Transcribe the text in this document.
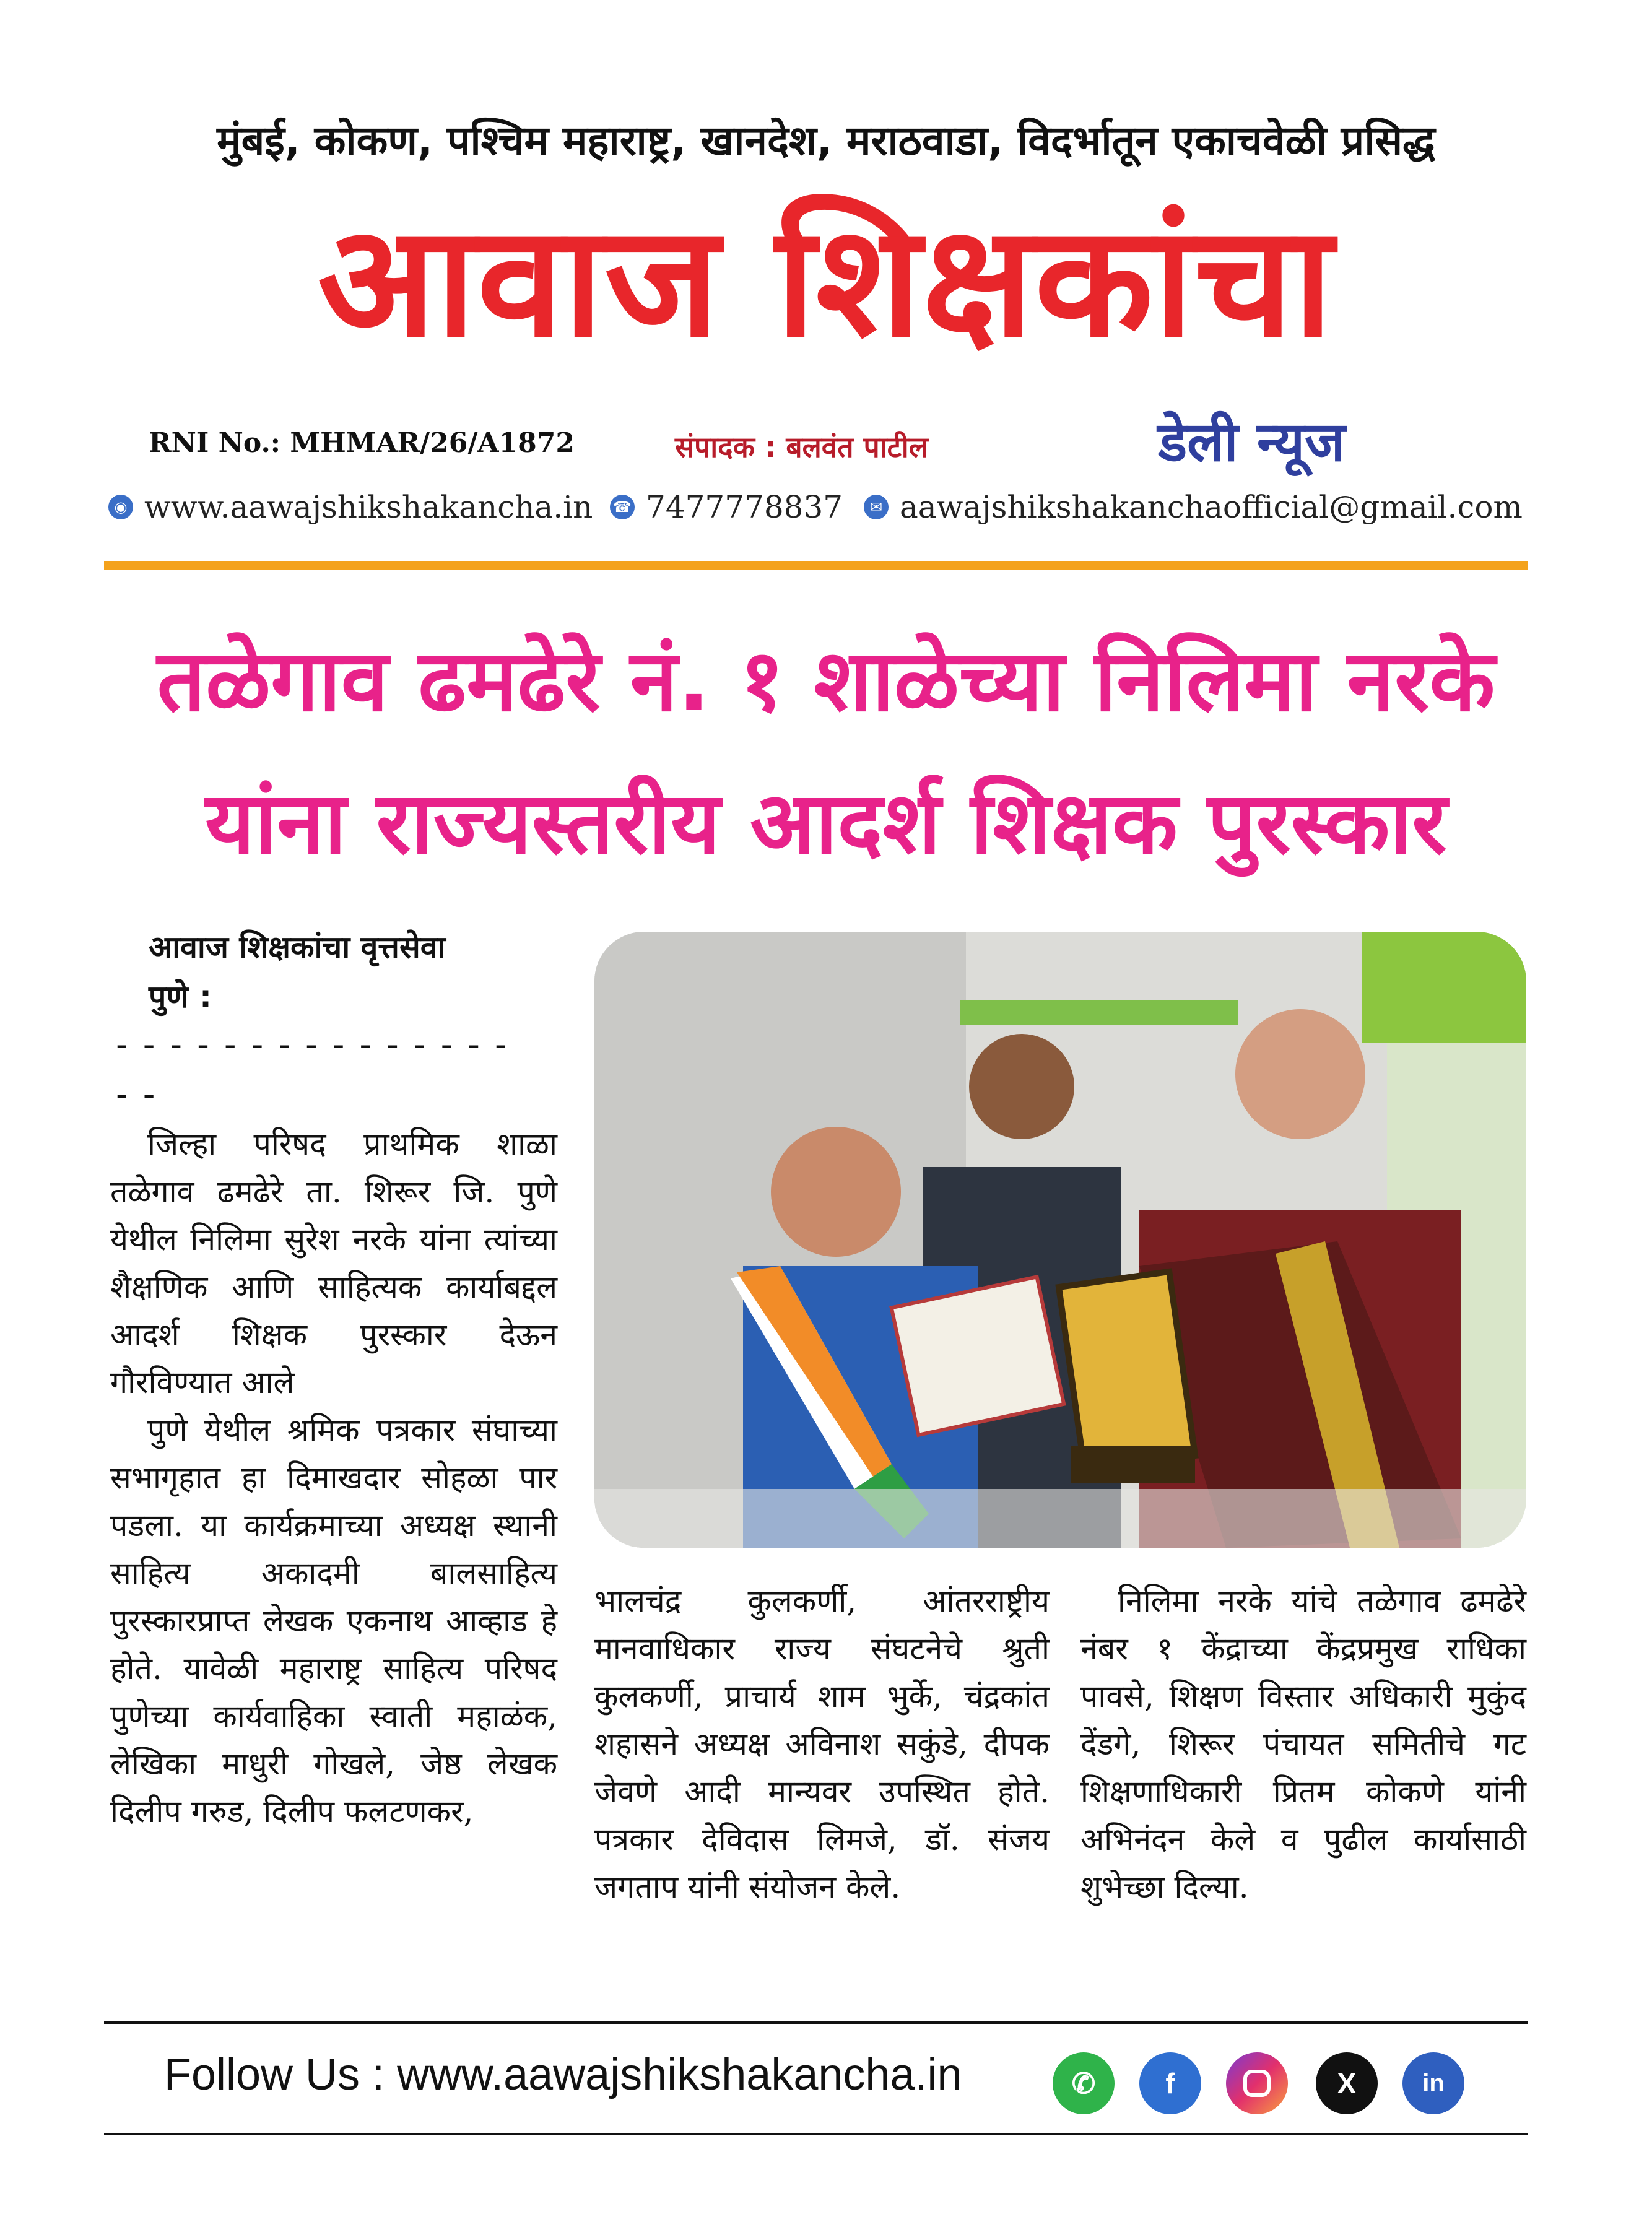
मुंबई, कोकण, पश्चिम महाराष्ट्र, खानदेश, मराठवाडा, विदर्भातून एकाचवेळी प्रसिद्ध
आवाज शिक्षकांचा
RNI No.: MHMAR/26/A1872	संपादक : बलवंत पाटील	डेली न्यूज
◉ www.aawajshikshakancha.in ☎ 7477778837	✉ aawajshikshakanchaofficial@gmail.com
तळेगाव ढमढेरे नं. १ शाळेच्या निलिमा नरके
यांना राज्यस्तरीय आदर्श शिक्षक पुरस्कार
आवाज शिक्षकांचा वृत्तसेवा
पुणे :
---------------
--

जिल्हा परिषद प्राथमिक शाळा तळेगाव ढमढेरे ता. शिरूर जि. पुणे येथील निलिमा सुरेश नरके यांना त्यांच्या शैक्षणिक आणि साहित्यक कार्याबद्दल आदर्श शिक्षक पुरस्कार देऊन गौरविण्यात आले

पुणे येथील श्रमिक पत्रकार संघाच्या सभागृहात हा दिमाखदार सोहळा पार पडला. या कार्यक्रमाच्या अध्यक्ष स्थानी साहित्य अकादमी बालसाहित्य पुरस्कारप्राप्त लेखक एकनाथ आव्हाड हे होते. यावेळी महाराष्ट्र साहित्य परिषद पुणेच्या कार्यवाहिका स्वाती महाळंक, लेखिका माधुरी गोखले, जेष्ठ लेखक दिलीप गरुड, दिलीप फलटणकर,

भालचंद्र कुलकर्णी, आंतरराष्ट्रीय मानवाधिकार राज्य संघटनेचे श्रुती कुलकर्णी, प्राचार्य शाम भुर्के, चंद्रकांत शहासने अध्यक्ष अविनाश सकुंडे, दीपक जेवणे आदी मान्यवर उपस्थित होते. पत्रकार देविदास लिमजे, डॉ. संजय जगताप यांनी संयोजन केले.

निलिमा नरके यांचे तळेगाव ढमढेरे नंबर १ केंद्राच्या केंद्रप्रमुख राधिका पावसे, शिक्षण विस्तार अधिकारी मुकुंद देंडगे, शिरूर पंचायत समितीचे गट शिक्षणाधिकारी प्रितम कोकणे यांनी अभिनंदन केले व पुढील कार्यासाठी शुभेच्छा दिल्या.

Follow Us : www.aawajshikshakancha.in	✆	f	X	in
